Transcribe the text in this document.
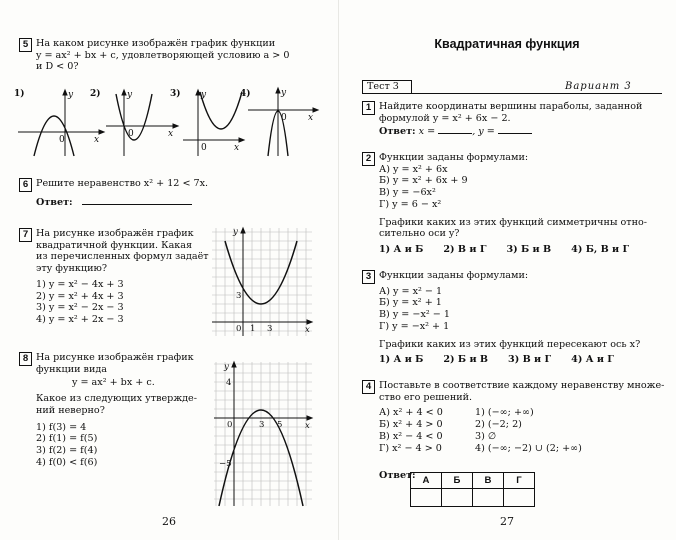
5 На каком рисунке изображён график функции
y = ax² + bx + c, удовлетворяющей условию a > 0
и D < 0?
1)	2)	3)	4)
y	y	y	y
x
x
x
x
0
0
0
0
6 Решите неравенство x² + 12 < 7x.
Ответ:
7 На рисунке изображён график
квадратичной функции. Какая
из перечисленных формул задаёт
эту функцию?
1) y = x² − 4x + 3
2) y = x² + 4x + 3
3) y = x² − 2x − 3
4) y = x² + 2x − 3
y
x
0 1 3
3
8 На рисунке изображён график
функции вида
y = ax² + bx + c.
Какое из следующих утвержде-
ний неверно?
1) f(3) = 4
2) f(1) = f(5)
3) f(2) = f(4)
4) f(0) < f(6)
y
x
0
4
3 5
−5
26
Квадратичная функция
Тест 3	Вариант 3
1 Найдите координаты вершины параболы, заданной
формулой y = x² + 6x − 2.
Ответ: x =	, y =
2 Функции заданы формулами:
А) y = x² + 6x
Б) y = x² + 6x + 9
В) y = −6x²
Г) y = 6 − x²
Графики каких из этих функций симметричны отно-
сительно оси y?
1) А и Б 2) В и Г 3) Б и В 4) Б, В и Г
3 Функции заданы формулами:
А) y = x² − 1
Б) y = x² + 1
В) y = −x² − 1
Г) y = −x² + 1
Графики каких из этих функций пересекают ось x?
1) А и Б 2) Б и В 3) В и Г 4) А и Г
4 Поставьте в соответствие каждому неравенству множе-
ство его решений.
А) x² + 4 < 0
Б) x² + 4 > 0
В) x² − 4 < 0
Г) x² − 4 > 0
1) (−∞; +∞)
2) (−2; 2)
3) ∅
4) (−∞; −2) ∪ (2; +∞)
Ответ:
27
А	Б	В	Г
